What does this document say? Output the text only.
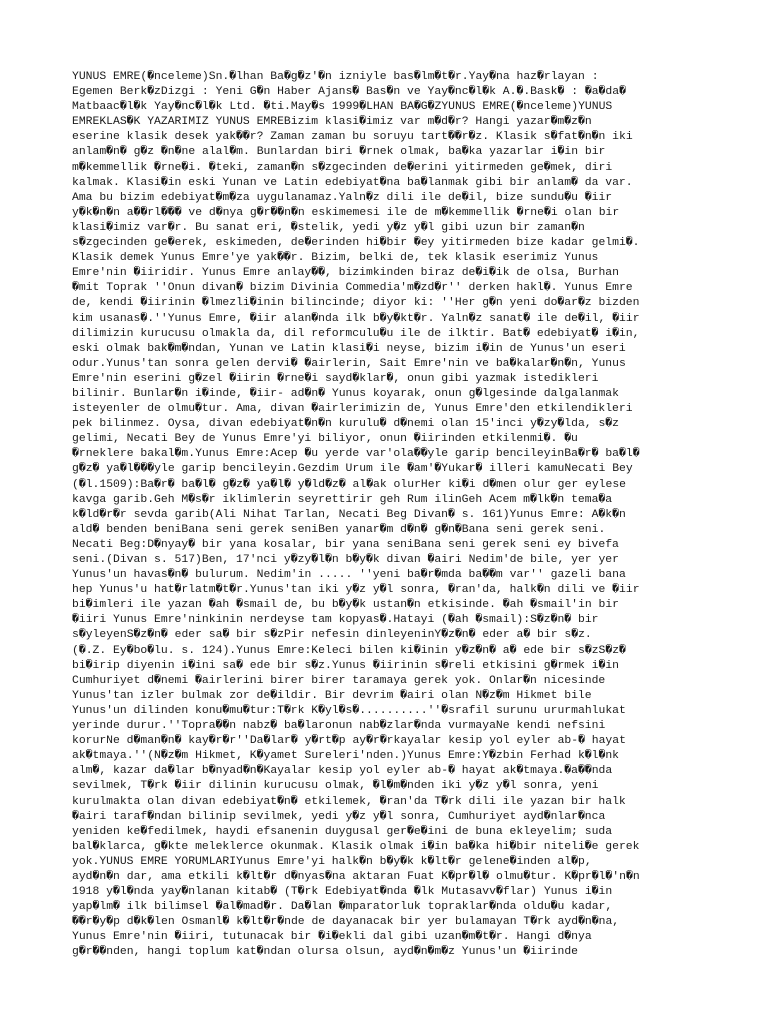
YUNUS EMRE(�nceleme)Sn.�lhan Ba�g�z'�n izniyle bas�lm�t�r.Yay�na haz�rlayan :
Egemen Berk�zDizgi : Yeni G�n Haber Ajans� Bas�n ve Yay�nc�l�k A.�.Bask� : �a�da�
Matbaac�l�k Yay�nc�l�k Ltd. �ti.May�s 1999�LHAN BA�G�ZYUNUS EMRE(�nceleme)YUNUS
EMREKLAS�K YAZARIMIZ YUNUS EMREBizim klasi�imiz var m�d�r? Hangi yazar�m�z�n
eserine klasik desek yak��r? Zaman zaman bu soruyu tart��r�z. Klasik s�fat�n�n iki
anlam�n� g�z �n�ne alal�m. Bunlardan biri �rnek olmak, ba�ka yazarlar i�in bir
m�kemmellik �rne�i. �teki, zaman�n s�zgecinden de�erini yitirmeden ge�mek, diri
kalmak. Klasi�in eski Yunan ve Latin edebiyat�na ba�lanmak gibi bir anlam� da var.
Ama bu bizim edebiyat�m�za uygulanamaz.Yaln�z dili ile de�il, bize sundu�u �iir
y�k�n�n a��rl��� ve d�nya g�r��n�n eskimemesi ile de m�kemmellik �rne�i olan bir
klasi�imiz var�r. Bu sanat eri, �stelik, yedi y�z y�l gibi uzun bir zaman�n
s�zgecinden ge�erek, eskimeden, de�erinden hi�bir �ey yitirmeden bize kadar gelmi�.
Klasik demek Yunus Emre'ye yak��r. Bizim, belki de, tek klasik eserimiz Yunus
Emre'nin �iiridir. Yunus Emre anlay��, bizimkinden biraz de�i�ik de olsa, Burhan
�mit Toprak ''Onun divan� bizim Divinia Commedia'm�zd�r'' derken hakl�. Yunus Emre
de, kendi �iirinin �lmezli�inin bilincinde; diyor ki: ''Her g�n yeni do�ar�z bizden
kim usanas�.''Yunus Emre, �iir alan�nda ilk b�y�kt�r. Yaln�z sanat� ile de�il, �iir
dilimizin kurucusu olmakla da, dil reformculu�u ile de ilktir. Bat� edebiyat� i�in,
eski olmak bak�m�ndan, Yunan ve Latin klasi�i neyse, bizim i�in de Yunus'un eseri
odur.Yunus'tan sonra gelen dervi� �airlerin, Sait Emre'nin ve ba�kalar�n�n, Yunus
Emre'nin eserini g�zel �iirin �rne�i sayd�klar�, onun gibi yazmak istedikleri
bilinir. Bunlar�n i�inde, �iir- ad�n� Yunus koyarak, onun g�lgesinde dalgalanmak
isteyenler de olmu�tur. Ama, divan �airlerimizin de, Yunus Emre'den etkilendikleri
pek bilinmez. Oysa, divan edebiyat�n�n kurulu� d�nemi olan 15'inci y�zy�lda, s�z
gelimi, Necati Bey de Yunus Emre'yi biliyor, onun �iirinden etkilenmi�. �u
�rneklere bakal�m.Yunus Emre:Acep �u yerde var'ola��yle garip bencileyinBa�r� ba�l�
g�z� ya�l���yle garip bencileyin.Gezdim Urum ile �am'�Yukar� illeri kamuNecati Bey
(�l.1509):Ba�r� ba�l� g�z� ya�l� y�ld�z� al�ak olurHer ki�i d�men olur ger eylese
kavga garib.Geh M�s�r iklimlerin seyrettirir geh Rum ilinGeh Acem m�lk�n tema�a
k�ld�r�r sevda garib(Ali Nihat Tarlan, Necati Beg Divan� s. 161)Yunus Emre: A�k�n
ald� benden beniBana seni gerek seniBen yanar�m d�n� g�n�Bana seni gerek seni.
Necati Beg:D�nyay� bir yana kosalar, bir yana seniBana seni gerek seni ey bivefa
seni.(Divan s. 517)Ben, 17'nci y�zy�l�n b�y�k divan �airi Nedim'de bile, yer yer
Yunus'un havas�n� bulurum. Nedim'in ..... ''yeni ba�r�mda ba��m var'' gazeli bana
hep Yunus'u hat�rlatm�t�r.Yunus'tan iki y�z y�l sonra, �ran'da, halk�n dili ve �iir
bi�imleri ile yazan �ah �smail de, bu b�y�k ustan�n etkisinde. �ah �smail'in bir
�iiri Yunus Emre'ninkinin nerdeyse tam kopyas�.Hatayi (�ah �smail):S�z�n� bir
s�yleyenS�z�n� eder sa� bir s�zPir nefesin dinleyeninY�z�n� eder a� bir s�z.
(�.Z. Ey�bo�lu. s. 124).Yunus Emre:Keleci bilen ki�inin y�z�n� a� ede bir s�zS�z�
bi�irip diyenin i�ini sa� ede bir s�z.Yunus �iirinin s�reli etkisini g�rmek i�in
Cumhuriyet d�nemi �airlerini birer birer taramaya gerek yok. Onlar�n nicesinde
Yunus'tan izler bulmak zor de�ildir. Bir devrim �airi olan N�z�m Hikmet bile
Yunus'un dilinden konu�mu�tur:T�rk K�yl�s�..........''�srafil surunu ururmahlukat
yerinde durur.''Topra��n nabz� ba�laronun nab�zlar�nda vurmayaNe kendi nefsini
korurNe d�man�n� kay�r�r''Da�lar� y�rt�p ay�r�rkayalar kesip yol eyler ab-� hayat
ak�tmaya.''(N�z�m Hikmet, K�yamet Sureleri'nden.)Yunus Emre:Y�zbin Ferhad k�l�nk
alm�, kazar da�lar b�nyad�n�Kayalar kesip yol eyler ab-� hayat ak�tmaya.�a��nda
sevilmek, T�rk �iir dilinin kurucusu olmak, �l�m�nden iki y�z y�l sonra, yeni
kurulmakta olan divan edebiyat�n� etkilemek, �ran'da T�rk dili ile yazan bir halk
�airi taraf�ndan bilinip sevilmek, yedi y�z y�l sonra, Cumhuriyet ayd�nlar�nca
yeniden ke�fedilmek, haydi efsanenin duygusal ger�e�ini de buna ekleyelim; suda
bal�klarca, g�kte meleklerce okunmak. Klasik olmak i�in ba�ka hi�bir niteli�e gerek
yok.YUNUS EMRE YORUMLARIYunus Emre'yi halk�n b�y�k k�lt�r gelene�inden al�p,
ayd�n�n dar, ama etkili k�lt�r d�nyas�na aktaran Fuat K�pr�l� olmu�tur. K�pr�l�'n�n
1918 y�l�nda yay�nlanan kitab� (T�rk Edebiyat�nda �lk Mutasavv�flar) Yunus i�in
yap�lm� ilk bilimsel �al�mad�r. Da�lan �mparatorluk topraklar�nda oldu�u kadar,
��r�y�p d�k�len Osmanl� k�lt�r�nde de dayanacak bir yer bulamayan T�rk ayd�n�na,
Yunus Emre'nin �iiri, tutunacak bir �i�ekli dal gibi uzan�m�t�r. Hangi d�nya
g�r��nden, hangi toplum kat�ndan olursa olsun, ayd�n�m�z Yunus'un �iirinde
